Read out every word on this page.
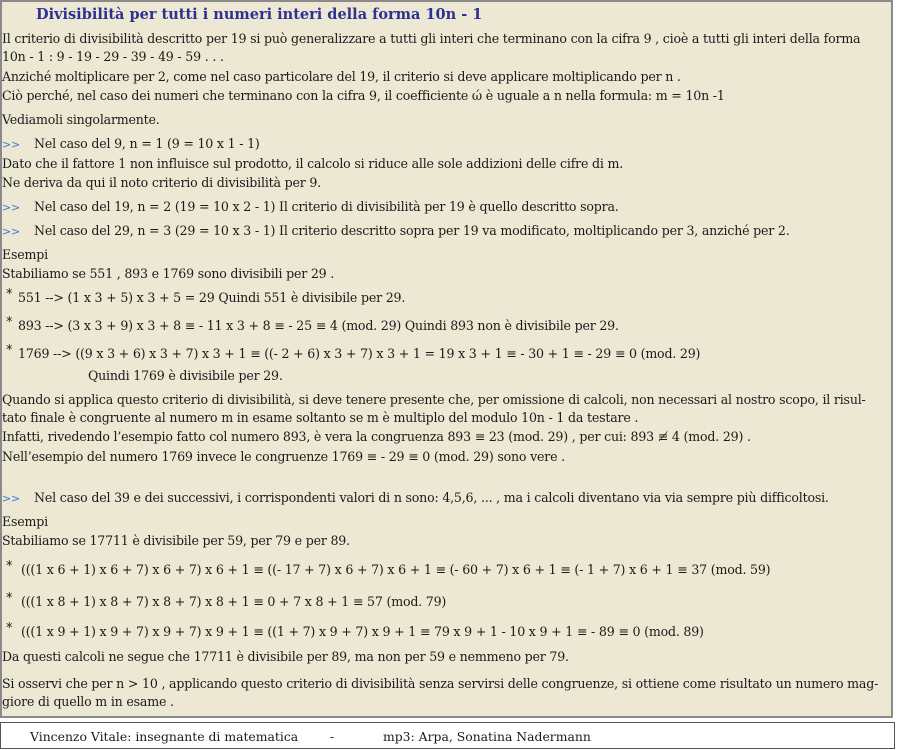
Divisibilità per tutti i numeri interi della forma 10n - 1
Il criterio di divisibilità descritto per 19 si può generalizzare a tutti gli interi che terminano con la cifra 9 , cioè a tutti gli interi della forma
10n - 1 : 9 - 19 - 29 - 39 - 49 - 59 . . .
Anziché moltiplicare per 2, come nel caso particolare del 19, il criterio si deve applicare moltiplicando per n .
Ciò perché, nel caso dei numeri che terminano con la cifra 9, il coefficiente ώ è uguale a n nella formula: m = 10n -1
Vediamoli singolarmente.
>> Nel caso del 9, n = 1 (9 = 10 x 1 - 1)
Dato che il fattore 1 non influisce sul prodotto, il calcolo si riduce alle sole addizioni delle cifre di m.
Ne deriva da qui il noto criterio di divisibilità per 9.
>> Nel caso del 19, n = 2 (19 = 10 x 2 - 1) Il criterio di divisibilità per 19 è quello descritto sopra.
>> Nel caso del 29, n = 3 (29 = 10 x 3 - 1) Il criterio descritto sopra per 19 va modificato, moltiplicando per 3, anziché per 2.
Esempi
Stabiliamo se 551 , 893 e 1769 sono divisibili per 29 .
* 551 --> (1 x 3 + 5) x 3 + 5 = 29 Quindi 551 è divisibile per 29.
* 893 --> (3 x 3 + 9) x 3 + 8 ≡ - 11 x 3 + 8 ≡ - 25 ≡ 4 (mod. 29) Quindi 893 non è divisibile per 29.
* 1769 --> ((9 x 3 + 6) x 3 + 7) x 3 + 1 ≡ ((- 2 + 6) x 3 + 7) x 3 + 1 = 19 x 3 + 1 ≡ - 30 + 1 ≡ - 29 ≡ 0 (mod. 29)
Quindi 1769 è divisibile per 29.
Quando si applica questo criterio di divisibilità, si deve tenere presente che, per omissione di calcoli, non necessari al nostro scopo, il risul-
tato finale è congruente al numero m in esame soltanto se m è multiplo del modulo 10n - 1 da testare .
Infatti, rivedendo l’esempio fatto col numero 893, è vera la congruenza 893 ≡ 23 (mod. 29) , per cui: 893 ≢ 4 (mod. 29) .
Nell’esempio del numero 1769 invece le congruenze 1769 ≡ - 29 ≡ 0 (mod. 29) sono vere .
>> Nel caso del 39 e dei successivi, i corrispondenti valori di n sono: 4,5,6, ... , ma i calcoli diventano via via sempre più difficoltosi.
Esempi
Stabiliamo se 17711 è divisibile per 59, per 79 e per 89.
* (((1 x 6 + 1) x 6 + 7) x 6 + 7) x 6 + 1 ≡ ((- 17 + 7) x 6 + 7) x 6 + 1 ≡ (- 60 + 7) x 6 + 1 ≡ (- 1 + 7) x 6 + 1 ≡ 37 (mod. 59)
* (((1 x 8 + 1) x 8 + 7) x 8 + 7) x 8 + 1 ≡ 0 + 7 x 8 + 1 ≡ 57 (mod. 79)
* (((1 x 9 + 1) x 9 + 7) x 9 + 7) x 9 + 1 ≡ ((1 + 7) x 9 + 7) x 9 + 1 ≡ 79 x 9 + 1 - 10 x 9 + 1 ≡ - 89 ≡ 0 (mod. 89)
Da questi calcoli ne segue che 17711 è divisibile per 89, ma non per 59 e nemmeno per 79.
Si osservi che per n > 10 , applicando questo criterio di divisibilità senza servirsi delle congruenze, si ottiene come risultato un numero mag-
giore di quello m in esame .
Vincenzo Vitale: insegnante di matematica	-	mp3: Arpa, Sonatina Nadermann
